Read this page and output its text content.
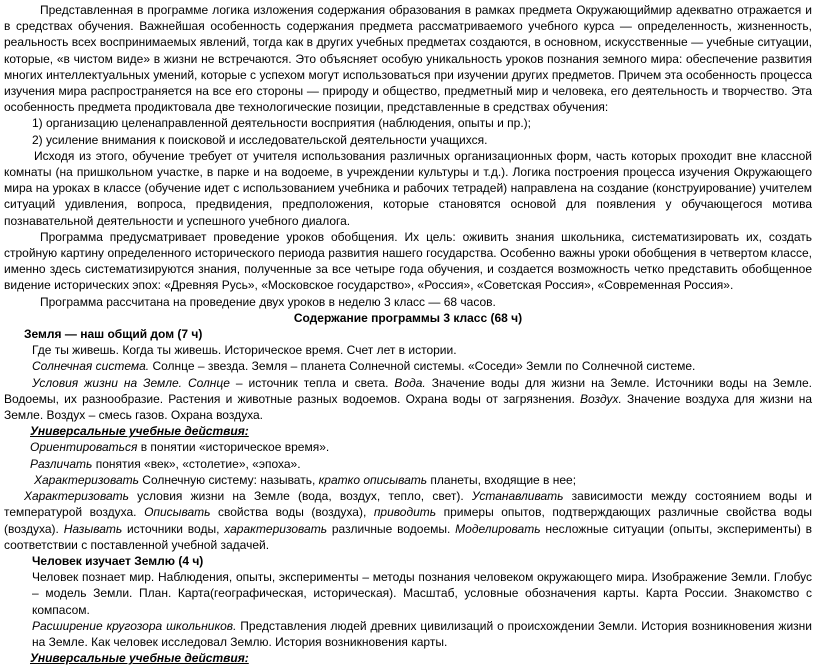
Представленная в программе логика изложения содержания образования в рамках предмета Окружающиймир адекватно отражается и в средствах обучения. Важнейшая особенность содержания предмета рассматриваемого учебного курса — определенность, жизненность, реальность всех воспринимаемых явлений, тогда как в других учебных предметах создаются, в основном, искусственные — учебные ситуации, которые, «в чистом виде» в жизни не встречаются. Это объясняет особую уникальность уроков познания земного мира: обеспечение развития многих интеллектуальных умений, которые с успехом могут использоваться при изучении других предметов. Причем эта особенность процесса изучения мира распространяется на все его стороны — природу и общество, предметный мир и человека, его деятельность и творчество. Эта особенность предмета продиктовала две технологические позиции, представленные в средствах обучения:

1) организацию целенаправленной деятельности восприятия (наблюдения, опыты и пр.);

2) усиление внимания к поисковой и исследовательской деятельности учащихся.

Исходя из этого, обучение требует от учителя использования различных организационных форм, часть которых проходит вне классной комнаты (на пришкольном участке, в парке и на водоеме, в учреждении культуры и т.д.). Логика построения процесса изучения Окружающего мира на уроках в классе (обучение идет с использованием учебника и рабочих тетрадей) направлена на создание (конструирование) учителем ситуаций удивления, вопроса, предвидения, предположения, которые становятся основой для появления у обучающегося мотива познавательной деятельности и успешного учебного диалога.

Программа предусматривает проведение уроков обобщения. Их цель: оживить знания школьника, систематизировать их, создать стройную картину определенного исторического периода развития нашего государства. Особенно важны уроки обобщения в четвертом классе, именно здесь систематизируются знания, полученные за все четыре года обучения, и создается возможность четко представить обобщенное видение исторических эпох: «Древняя Русь», «Московское государство», «Россия», «Советская Россия», «Современная Россия».

Программа рассчитана на проведение двух уроков в неделю 3 класс — 68 часов.

Содержание программы 3 класс (68 ч)

Земля — наш общий дом (7 ч)

Где ты живешь. Когда ты живешь. Историческое время. Счет лет в истории.

Солнечная система. Солнце – звезда. Земля – планета Солнечной системы. «Соседи» Земли по Солнечной системе.

Условия жизни на Земле. Солнце – источник тепла и света. Вода. Значение воды для жизни на Земле. Источники воды на Земле. Водоемы, их разнообразие. Растения и животные разных водоемов. Охрана воды от загрязнения. Воздух. Значение воздуха для жизни на Земле. Воздух – смесь газов. Охрана воздуха.

Универсальные учебные действия:

Ориентироваться в понятии «историческое время».

Различать понятия «век», «столетие», «эпоха».

Характеризовать Солнечную систему: называть, кратко описывать планеты, входящие в нее;

Характеризовать условия жизни на Земле (вода, воздух, тепло, свет). Устанавливать зависимости между состоянием воды и температурой воздуха. Описывать свойства воды (воздуха), приводить примеры опытов, подтверждающих различные свойства воды (воздуха). Называть источники воды, характеризовать различные водоемы. Моделировать несложные ситуации (опыты, эксперименты) в соответствии с поставленной учебной задачей.

Человек изучает Землю (4 ч)

Человек познает мир. Наблюдения, опыты, эксперименты – методы познания человеком окружающего мира. Изображение Земли. Глобус – модель Земли. План. Карта(географическая, историческая). Масштаб, условные обозначения карты. Карта России. Знакомство с компасом.

Расширение кругозора школьников. Представления людей древних цивилизаций о происхождении Земли. История возникновения жизни на Земле. Как человек исследовал Землю. История возникновения карты.

Универсальные учебные действия:
